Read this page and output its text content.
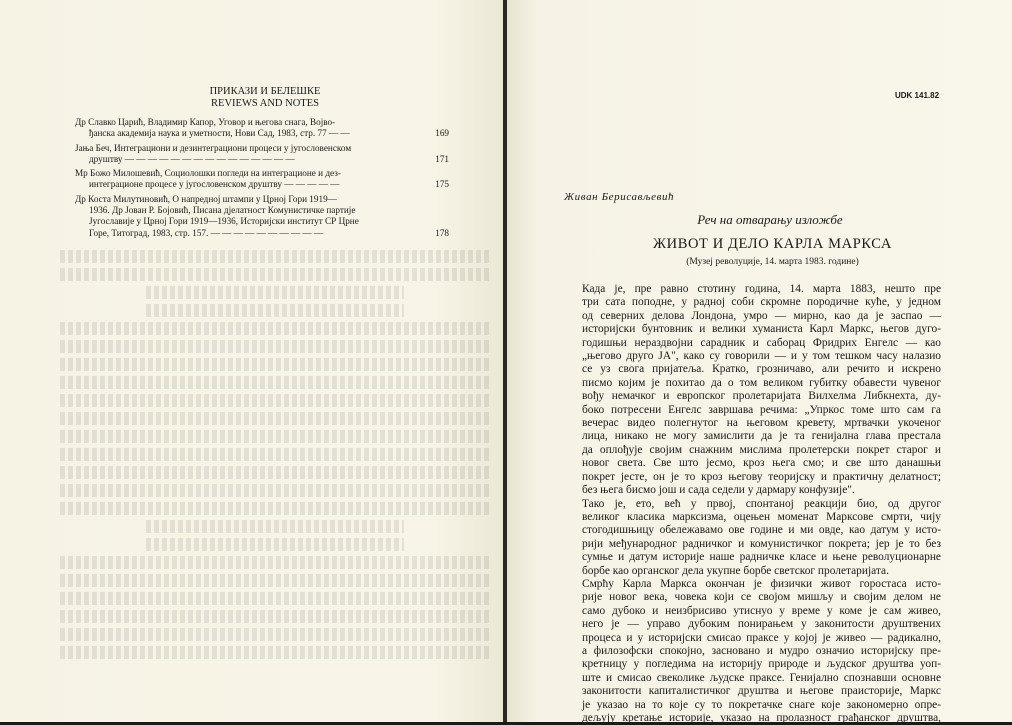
ПРИКАЗИ И БЕЛЕШКЕ
REVIEWS AND NOTES
Др Славко Царић, Владимир Капор, Уговор и његова снага, Војво-
ђанска академија наука и уметности, Нови Сад, 1983, стр. 77 — —	169
Јања Беч, Интеграциони и дезинтеграциони процеси у југословенском
друштву — — — — — — — — — — — — — — —	171
Мр Божо Милошевић, Социолошки погледи на интеграционе и дез-
интеграционе процесе у југословенском друштву — — — — —	175
Др Коста Милутиновић, О напредној штампи у Црној Гори 1919—
1936. Др Јован Р. Бојовић, Писана дјелатност Комунистичке партије
Југославије у Црној Гори 1919—1936, Историјски институт СР Црне
Горе, Титоград, 1983, стр. 157. — — — — — — — — — —	178
UDK 141.82
Живан Берисављевић
Реч на отварању изложбе
ЖИВОТ И ДЕЛО КАРЛА МАРКСА
(Музеј револуције, 14. марта 1983. године)

Када је, пре равно стотину година, 14. марта 1883, нешто пре
три сата поподне, у радној соби скромне породичне куће, у једном
од северних делова Лондона, умро — мирно, као да је заспао —
историјски бунтовник и велики хуманиста Карл Маркс, његов дуго-
годишњи нераздвојни сарадник и саборац Фридрих Енгелс — као
„његово друго ЈА", како су говорили — и у том тешком часу налазио
се уз свога пријатеља. Кратко, грозничаво, али речито и искрено
писмо којим је похитао да о том великом губитку обавести чувеног
вођу немачког и европског пролетаријата Вилхелма Либкнехта, ду-
боко потресени Енгелс завршава речима: „Упркос томе што сам га
вечерас видео полегнутог на његовом кревету, мртвачки укоченог
лица, никако не могу замислити да је та генијална глава престала
да оплођује својим снажним мислима пролетерски покрет старог и
новог света. Све што јесмо, кроз њега смо; и све што данашњи
покрет јесте, он је то кроз његову теоријску и практичну делатност;
без њега бисмо још и сада седели у дармару конфузије".

Тако је, ето, већ у првој, спонтаној реакцији био, од другог
великог класика марксизма, оцењен моменат Марксове смрти, чију
стогодишњицу обележавамо ове године и ми овде, као датум у исто-
рији међународног радничког и комунистичког покрета; јер је то без
сумње и датум историје наше радничке класе и њене револуционарне
борбе као органског дела укупне борбе светског пролетаријата.

Смрћу Карла Маркса окончан је физички живот горостаса исто-
рије новог века, човека који се својом мишљу и својим делом не
само дубоко и неизбрисиво утиснуо у време у коме је сам живео,
него је — управо дубоким понирањем у законитости друштвених
процеса и у историјски смисао праксе у којој је живео — радикално,
а филозофски спокојно, засновано и мудро означио историјску пре-
кретницу у погледима на историју природе и људског друштва уоп-
ште и смисао свеколике људске праксе. Генијално спознавши основне
законитости капиталистичког друштва и његове праисторије, Маркс
је указао на то које су то покретачке снаге које закономерно опре-
дељују кретање историје, указао на пролазност грађанског друштва,
